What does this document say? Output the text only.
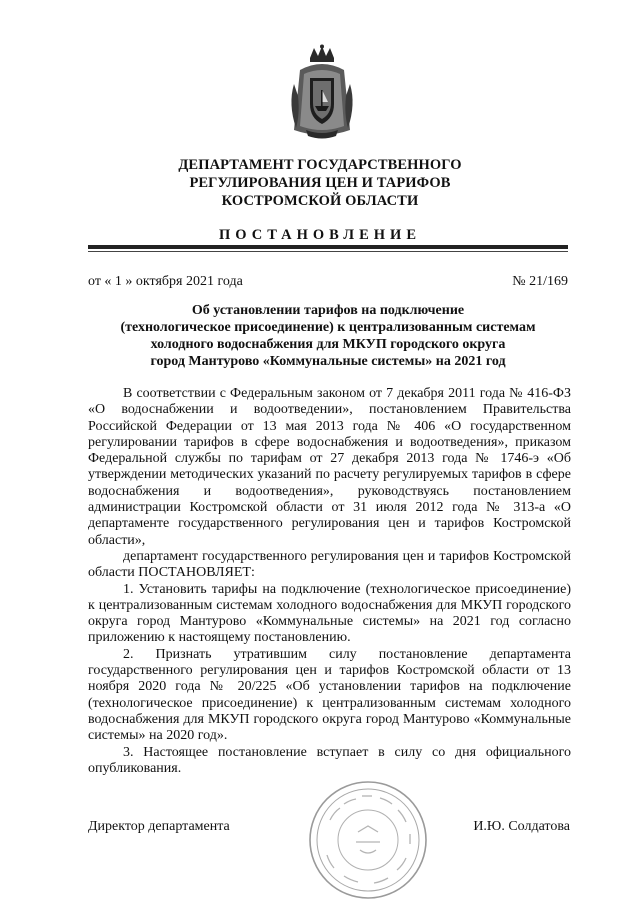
ДЕПАРТАМЕНТ ГОСУДАРСТВЕННОГО
РЕГУЛИРОВАНИЯ ЦЕН И ТАРИФОВ
КОСТРОМСКОЙ ОБЛАСТИ
ПОСТАНОВЛЕНИЕ
от « 1 » октября 2021 года	№ 21/169
Об установлении тарифов на подключение
(технологическое присоединение) к централизованным системам
холодного водоснабжения для МКУП городского округа
город Мантурово «Коммунальные системы» на 2021 год

В соответствии с Федеральным законом от 7 декабря 2011 года № 416-ФЗ «О водоснабжении и водоотведении», постановлением Правительства Российской Федерации от 13 мая 2013 года № 406 «О государственном регулировании тарифов в сфере водоснабжения и водоотведения», приказом Федеральной службы по тарифам от 27 декабря 2013 года № 1746-э «Об утверждении методических указаний по расчету регулируемых тарифов в сфере водоснабжения и водоотведения», руководствуясь постановлением администрации Костромской области от 31 июля 2012 года № 313-а «О департаменте государственного регулирования цен и тарифов Костромской области»,

департамент государственного регулирования цен и тарифов Костромской области ПОСТАНОВЛЯЕТ:

1. Установить тарифы на подключение (технологическое присоединение) к централизованным системам холодного водоснабжения для МКУП городского округа город Мантурово «Коммунальные системы» на 2021 год согласно приложению к настоящему постановлению.

2. Признать утратившим силу постановление департамента государственного регулирования цен и тарифов Костромской области от 13 ноября 2020 года № 20/225 «Об установлении тарифов на подключение (технологическое присоединение) к централизованным системам холодного водоснабжения для МКУП городского округа город Мантурово «Коммунальные системы» на 2020 год».

3. Настоящее постановление вступает в силу со дня официального опубликования.

Директор департамента	И.Ю. Солдатова
